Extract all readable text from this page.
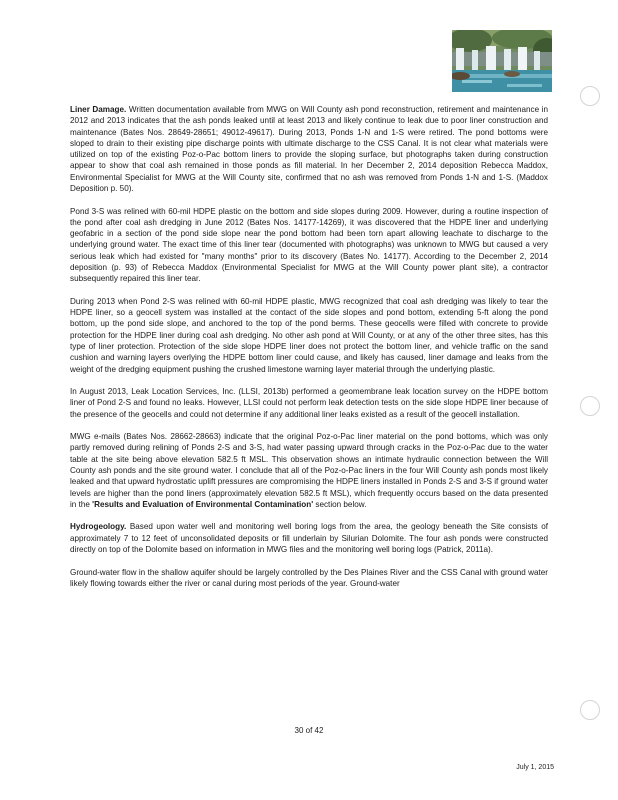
Liner Damage. Written documentation available from MWG on Will County ash pond reconstruction, retirement and maintenance in 2012 and 2013 indicates that the ash ponds leaked until at least 2013 and likely continue to leak due to poor liner construction and maintenance (Bates Nos. 28649-28651; 49012-49617). During 2013, Ponds 1-N and 1-S were retired. The pond bottoms were sloped to drain to their existing pipe discharge points with ultimate discharge to the CSS Canal. It is not clear what materials were utilized on top of the existing Poz-o-Pac bottom liners to provide the sloping surface, but photographs taken during construction appear to show that coal ash remained in those ponds as fill material. In her December 2, 2014 deposition Rebecca Maddox, Environmental Specialist for MWG at the Will County site, confirmed that no ash was removed from Ponds 1-N and 1-S. (Maddox Deposition p. 50).

Pond 3-S was relined with 60-mil HDPE plastic on the bottom and side slopes during 2009. However, during a routine inspection of the pond after coal ash dredging in June 2012 (Bates Nos. 14177-14269), it was discovered that the HDPE liner and underlying geofabric in a section of the pond side slope near the pond bottom had been torn apart allowing leachate to discharge to the underlying ground water. The exact time of this liner tear (documented with photographs) was unknown to MWG but caused a very serious leak which had existed for "many months" prior to its discovery (Bates No. 14177). According to the December 2, 2014 deposition (p. 93) of Rebecca Maddox (Environmental Specialist for MWG at the Will County power plant site), a contractor subsequently repaired this liner tear.

During 2013 when Pond 2-S was relined with 60-mil HDPE plastic, MWG recognized that coal ash dredging was likely to tear the HDPE liner, so a geocell system was installed at the contact of the side slopes and pond bottom, extending 5-ft along the pond bottom, up the pond side slope, and anchored to the top of the pond berms. These geocells were filled with concrete to provide protection for the HDPE liner during coal ash dredging. No other ash pond at Will County, or at any of the other three sites, has this type of liner protection. Protection of the side slope HDPE liner does not protect the bottom liner, and vehicle traffic on the sand cushion and warning layers overlying the HDPE bottom liner could cause, and likely has caused, liner damage and leaks from the weight of the dredging equipment pushing the crushed limestone warning layer material through the underlying plastic.

In August 2013, Leak Location Services, Inc. (LLSI, 2013b) performed a geomembrane leak location survey on the HDPE bottom liner of Pond 2-S and found no leaks. However, LLSI could not perform leak detection tests on the side slope HDPE liner because of the presence of the geocells and could not determine if any additional liner leaks existed as a result of the geocell installation.

MWG e-mails (Bates Nos. 28662-28663) indicate that the original Poz-o-Pac liner material on the pond bottoms, which was only partly removed during relining of Ponds 2-S and 3-S, had water passing upward through cracks in the Poz-o-Pac due to the water table at the site being above elevation 582.5 ft MSL. This observation shows an intimate hydraulic connection between the Will County ash ponds and the site ground water. I conclude that all of the Poz-o-Pac liners in the four Will County ash ponds most likely leaked and that upward hydrostatic uplift pressures are compromising the HDPE liners installed in Ponds 2-S and 3-S if ground water levels are higher than the pond liners (approximately elevation 582.5 ft MSL), which frequently occurs based on the data presented in the 'Results and Evaluation of Environmental Contamination' section below.

Hydrogeology. Based upon water well and monitoring well boring logs from the area, the geology beneath the Site consists of approximately 7 to 12 feet of unconsolidated deposits or fill underlain by Silurian Dolomite. The four ash ponds were constructed directly on top of the Dolomite based on information in MWG files and the monitoring well boring logs (Patrick, 2011a).

Ground-water flow in the shallow aquifer should be largely controlled by the Des Plaines River and the CSS Canal with ground water likely flowing towards either the river or canal during most periods of the year. Ground-water

30 of 42
July 1, 2015
